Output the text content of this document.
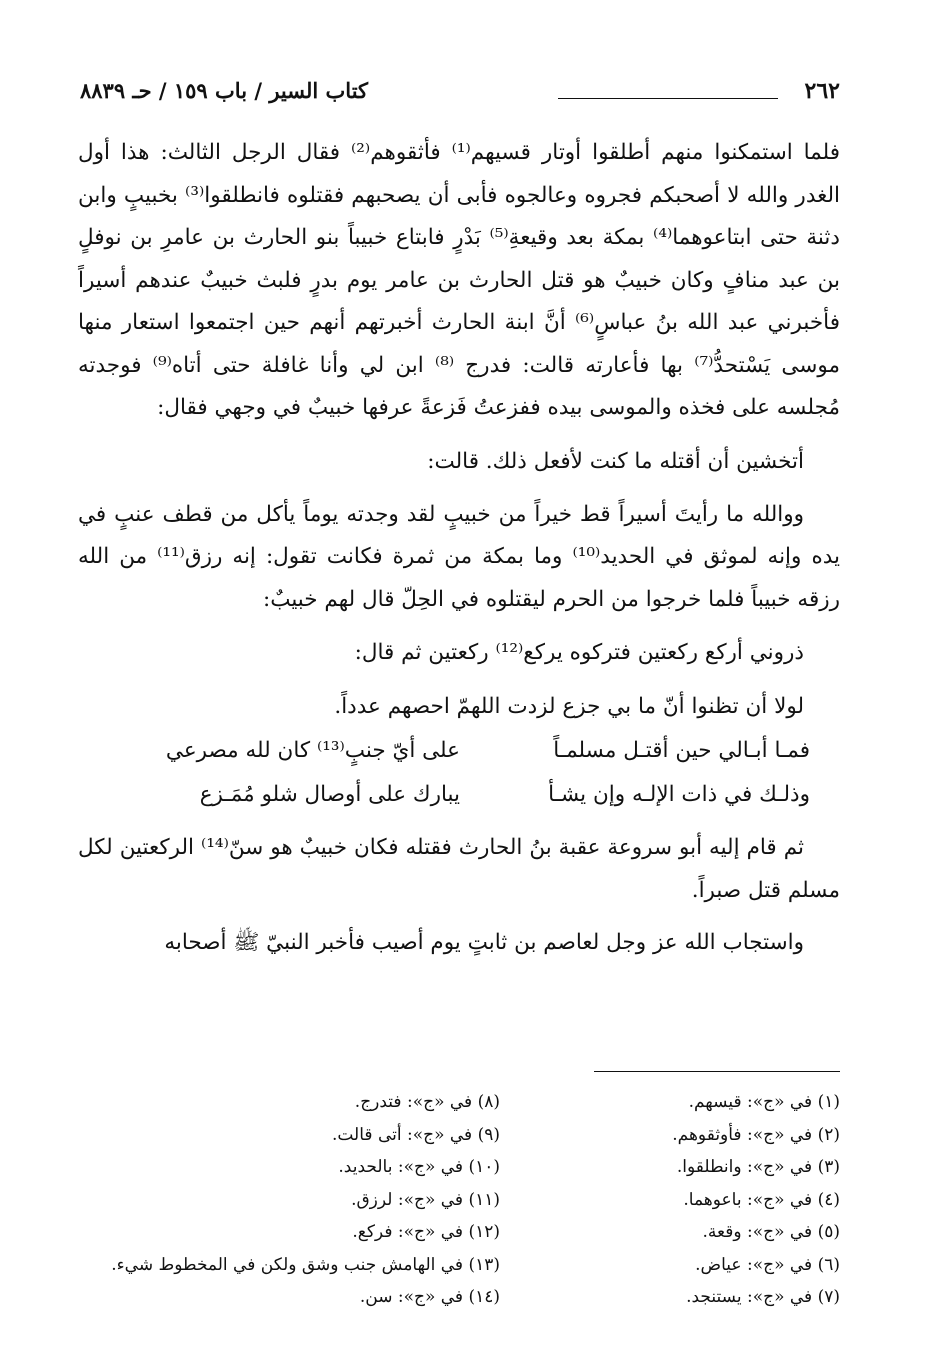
٢٦٢
كتاب السير / باب ١٥٩ / حـ ٨٨٣٩

فلما استمكنوا منهم أطلقوا أوتار قسيهم⁽¹⁾ فأثقوهم⁽²⁾ فقال الرجل الثالث: هذا أول الغدر والله لا أصحبكم فجروه وعالجوه فأبى أن يصحبهم فقتلوه فانطلقوا⁽³⁾ بخبيبٍ وابن دثنة حتى ابتاعوهما⁽⁴⁾ بمكة بعد وقيعةِ⁽⁵⁾ بَدْرٍ فابتاع خبيباً بنو الحارث بن عامرِ بن نوفلٍ بن عبد منافٍ وكان خبيبٌ هو قتل الحارث بن عامر يوم بدرٍ فلبث خبيبٌ عندهم أسيراً فأخبرني عبد الله بنُ عباسٍ⁽⁶⁾ أنَّ ابنة الحارث أخبرتهم أنهم حين اجتمعوا استعار منها موسى يَسْتحدُّ⁽⁷⁾ بها فأعارته قالت: فدرج ⁽⁸⁾ ابن لي وأنا غافلة حتى أتاه⁽⁹⁾ فوجدته مُجلسه على فخذه والموسى بيده ففزعتُ فَزعةً عرفها خبيبٌ في وجهي فقال:

أتخشين أن أقتله ما كنت لأفعل ذلك. قالت:

ووالله ما رأيتَ أسيراً قط خيراً من خبيبٍ لقد وجدته يوماً يأكل من قطف عنبٍ في يده وإنه لموثق في الحديد⁽¹⁰⁾ وما بمكة من ثمرة فكانت تقول: إنه رزق⁽¹¹⁾ من الله رزقه خبيباً فلما خرجوا من الحرم ليقتلوه في الحِلّ قال لهم خبيبٌ:

ذروني أركع ركعتين فتركوه يركع⁽¹²⁾ ركعتين ثم قال:

لولا أن تظنوا أنّ ما بي جزع لزدت اللهمّ احصهم عدداً.

فمـا أبـالي حين أقتـل مسلمـاً
على أيّ جنبٍ⁽¹³⁾ كان لله مصرعي
وذلـك في ذات الإلـه وإن يشـأ
يبارك على أوصال شلو مُمَـزع

ثم قام إليه أبو سروعة عقبة بنُ الحارث فقتله فكان خبيبٌ هو سنّ⁽¹⁴⁾ الركعتين لكل مسلم قتل صبراً.

واستجاب الله عز وجل لعاصم بن ثابتٍ يوم أصيب فأخبر النبيّ ﷺ أصحابه

(١) في «ج»: قيسهم.
(٢) في «ج»: فأوثقوهم.
(٣) في «ج»: وانطلقوا.
(٤) في «ج»: باعوهما.
(٥) في «ج»: وقعة.
(٦) في «ج»: عياض.
(٧) في «ج»: يستنجد.
(٨) في «ج»: فتدرج.
(٩) في «ج»: أتى قالت.
(١٠) في «ج»: بالحديد.
(١١) في «ج»: لرزق.
(١٢) في «ج»: فركع.
(١٣) في الهامش جنب وشق ولكن في المخطوط شيء.
(١٤) في «ج»: سن.
